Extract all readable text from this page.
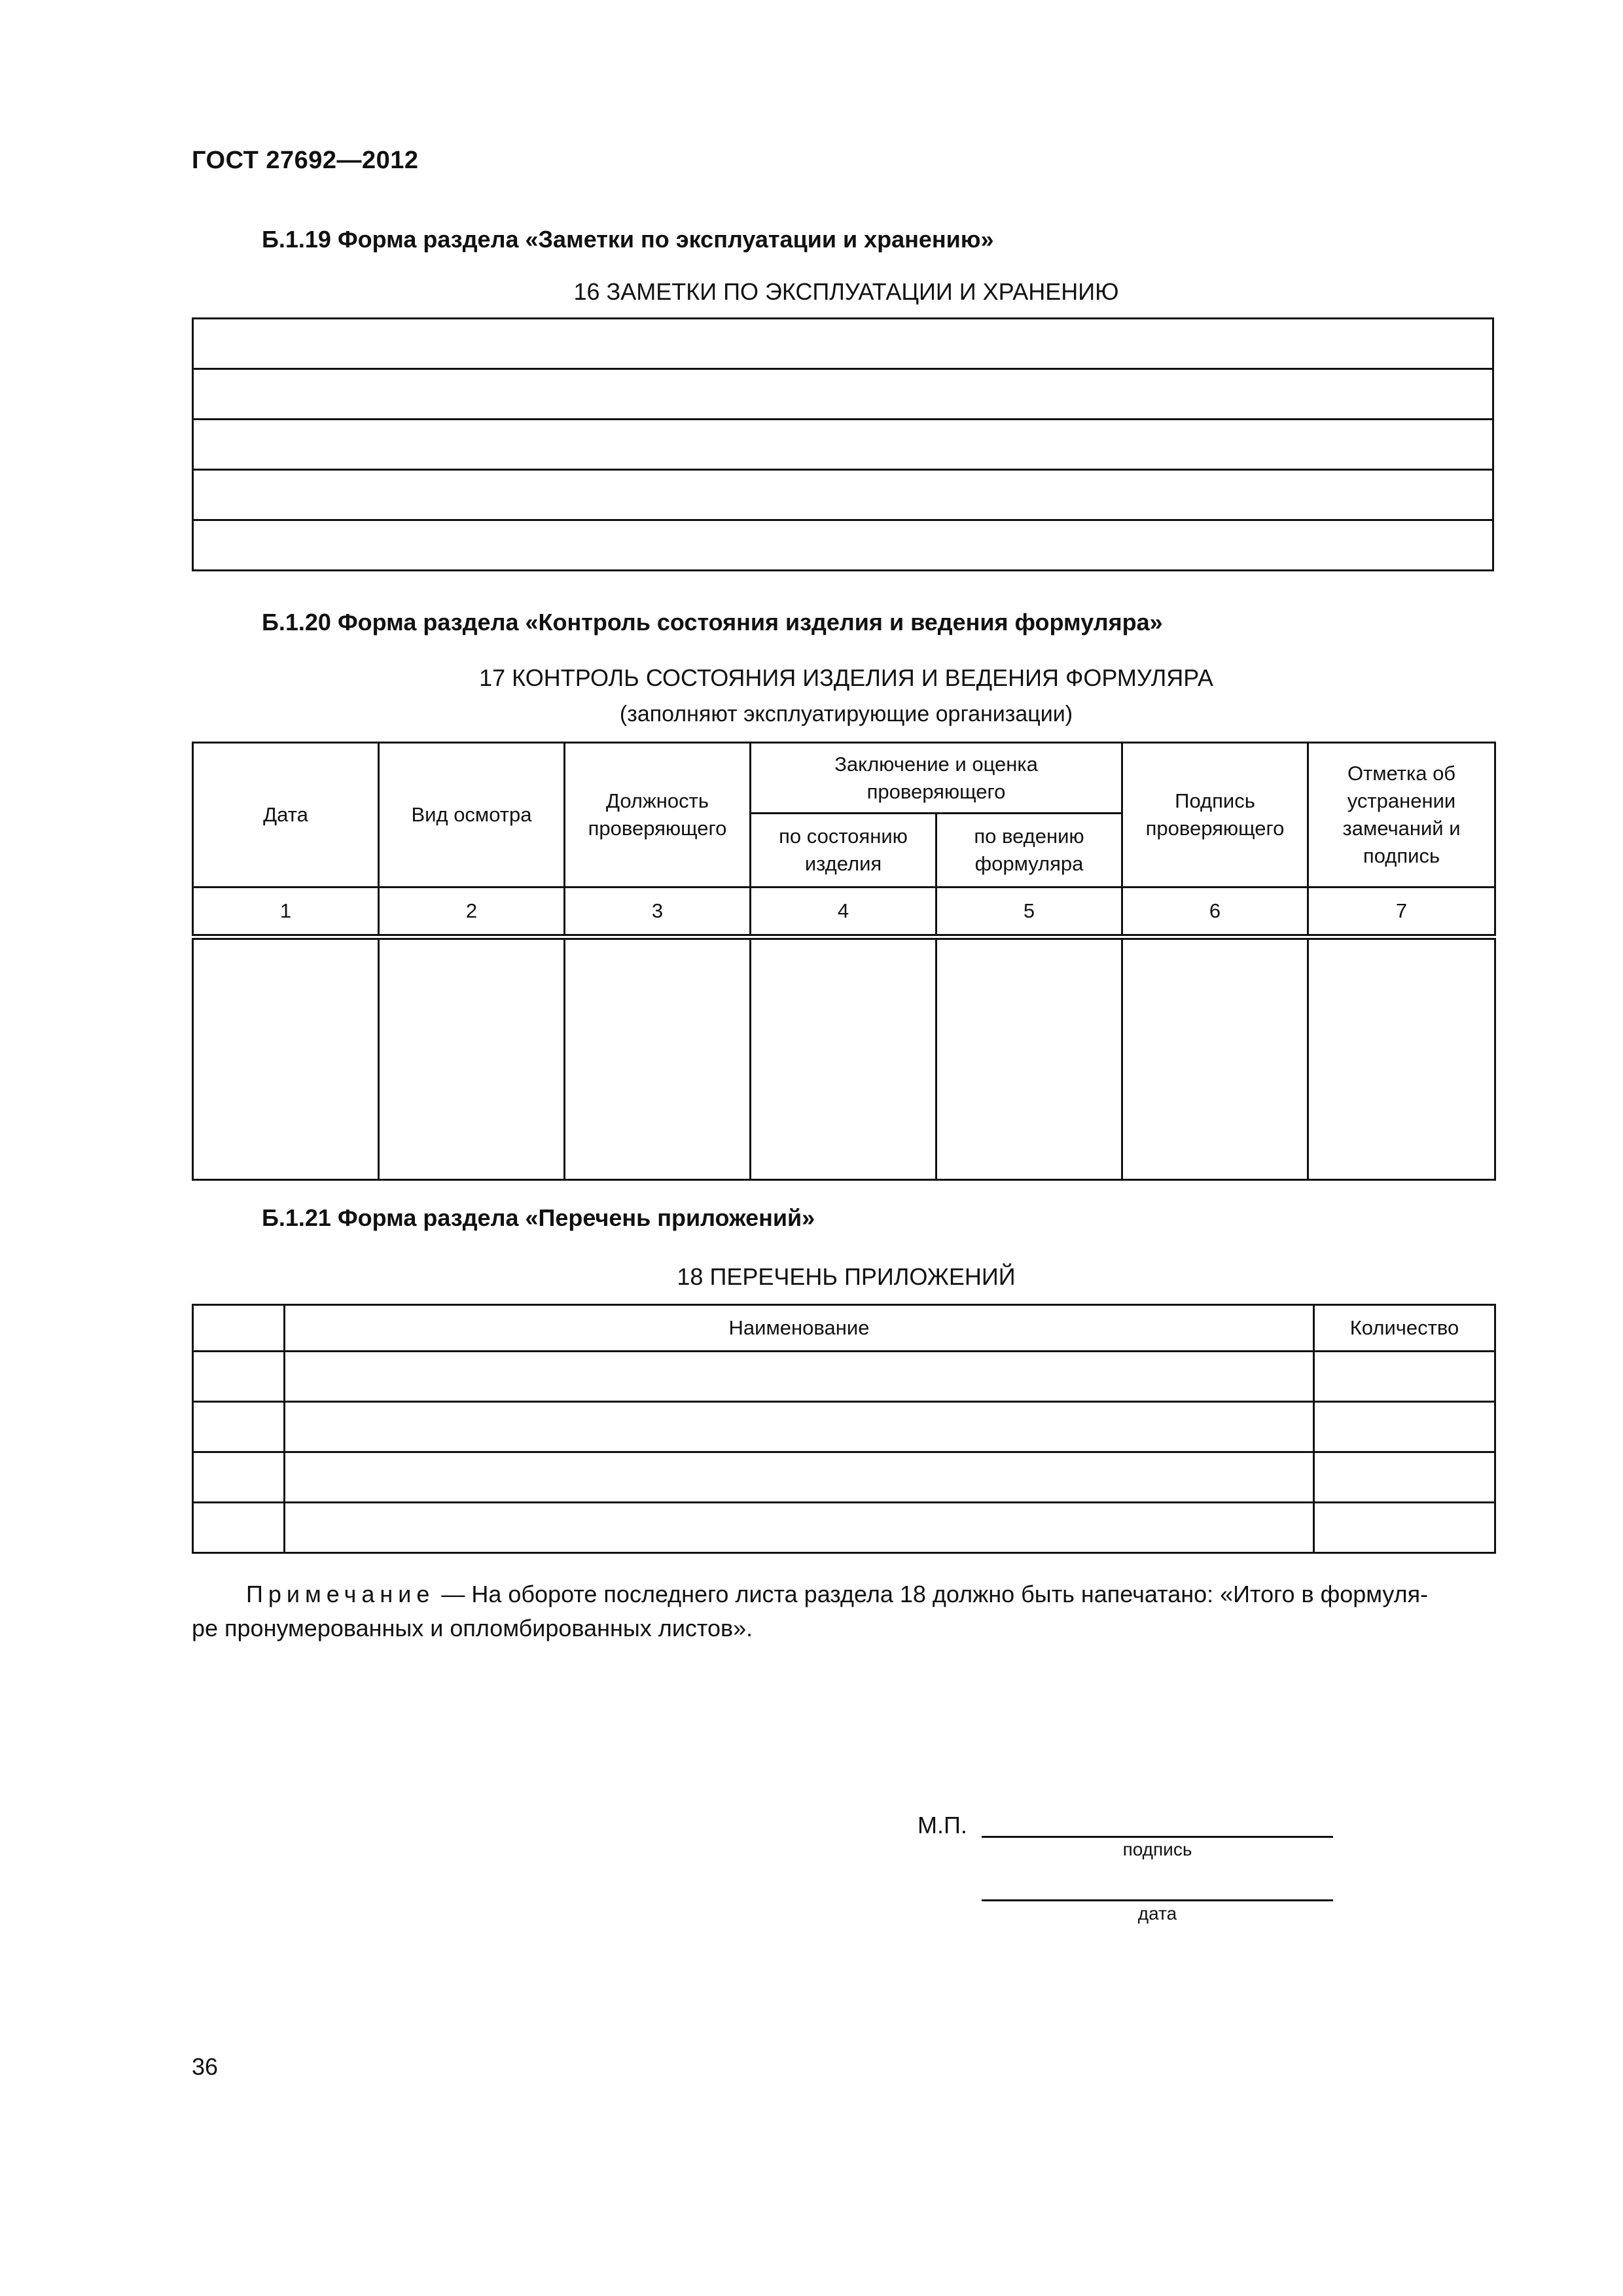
ГОСТ 27692—2012
Б.1.19 Форма раздела «Заметки по эксплуатации и хранению»
16 ЗАМЕТКИ ПО ЭКСПЛУАТАЦИИ И ХРАНЕНИЮ

Б.1.20 Форма раздела «Контроль состояния изделия и ведения формуляра»
17 КОНТРОЛЬ СОСТОЯНИЯ ИЗДЕЛИЯ И ВЕДЕНИЯ ФОРМУЛЯРА
(заполняют эксплуатирующие организации)
Дата	Вид осмотра	Должность проверяющего	Заключение и оценка проверяющего		Подпись проверяющего	Отметка об устранении замечаний и подпись
			по состоянию изделия	по ведению формуляра		
1	2	3	4	5	6	7

Б.1.21 Форма раздела «Перечень приложений»
18 ПЕРЕЧЕНЬ ПРИЛОЖЕНИЙ
	Наименование	Количество

Примечание — На обороте последнего листа раздела 18 должно быть напечатано: «Итого в формуля-
ре пронумерованных и опломбированных листов».
М.П.
подпись
дата
36
